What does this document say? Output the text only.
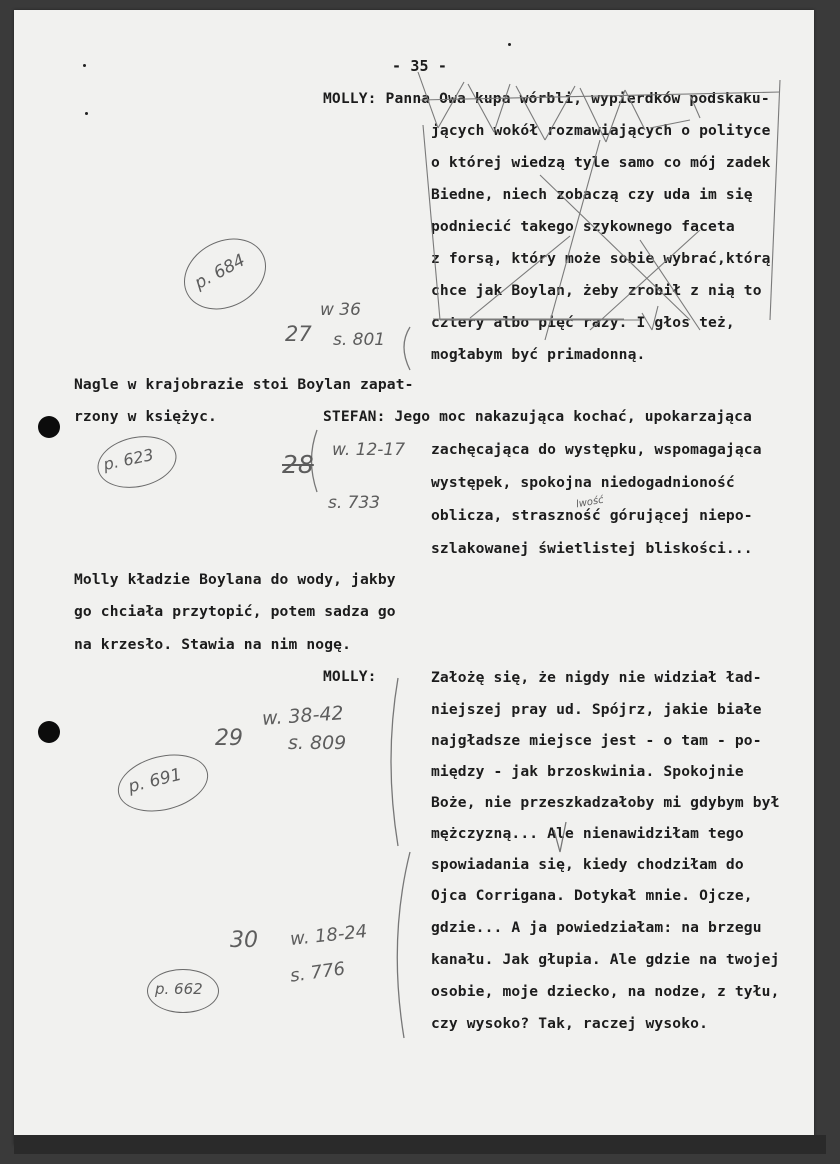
- 35 -
MOLLY: Panna Owa kupa wórbli, wypierdków podskaku-
jących wokół rozmawiających o polityce
o której wiedzą tyle samo co mój zadek
Biedne, niech zobaczą czy uda im się
podniecić takego szykownego faceta
z forsą, który może sobie wybrać,którą
chce jak Boylan, żeby zrobił z nią to
cztery albo pięć razy. I głos też,
mogłabym być primadonną.
Nagle w krajobrazie stoi Boylan zapat-
rzony w księżyc.	STEFAN: Jego moc nakazująca kochać, upokarzająca
zachęcająca do występku, wspomagająca
występek, spokojna niedogadnioność
oblicza, straszność górującej niepo-
szlakowanej świetlistej bliskości...
Molly kładzie Boylana do wody, jakby
go chciała przytopić, potem sadza go
na krzesło. Stawia na nim nogę.
MOLLY:	Założę się, że nigdy nie widział ład-
niejszej pray ud. Spójrz, jakie białe
najgładsze miejsce jest - o tam - po-
między - jak brzoskwinia. Spokojnie
Boże, nie przeszkadzałoby mi gdybym był
mężczyzną... Ale nienawidziłam tego
spowiadania się, kiedy chodziłam do
Ojca Corrigana. Dotykał mnie. Ojcze,
gdzie... A ja powiedziałam: na brzegu
kanału. Jak głupia. Ale gdzie na twojej
osobie, moje dziecko, na nodze, z tyłu,
czy wysoko? Tak, raczej wysoko.
p. 684
27
w 36
s. 801
lwość
p. 623	28 w. 12-17
s. 733
29
w. 38-42
s. 809
p. 691
30 w. 18-24
s. 776
p. 662
